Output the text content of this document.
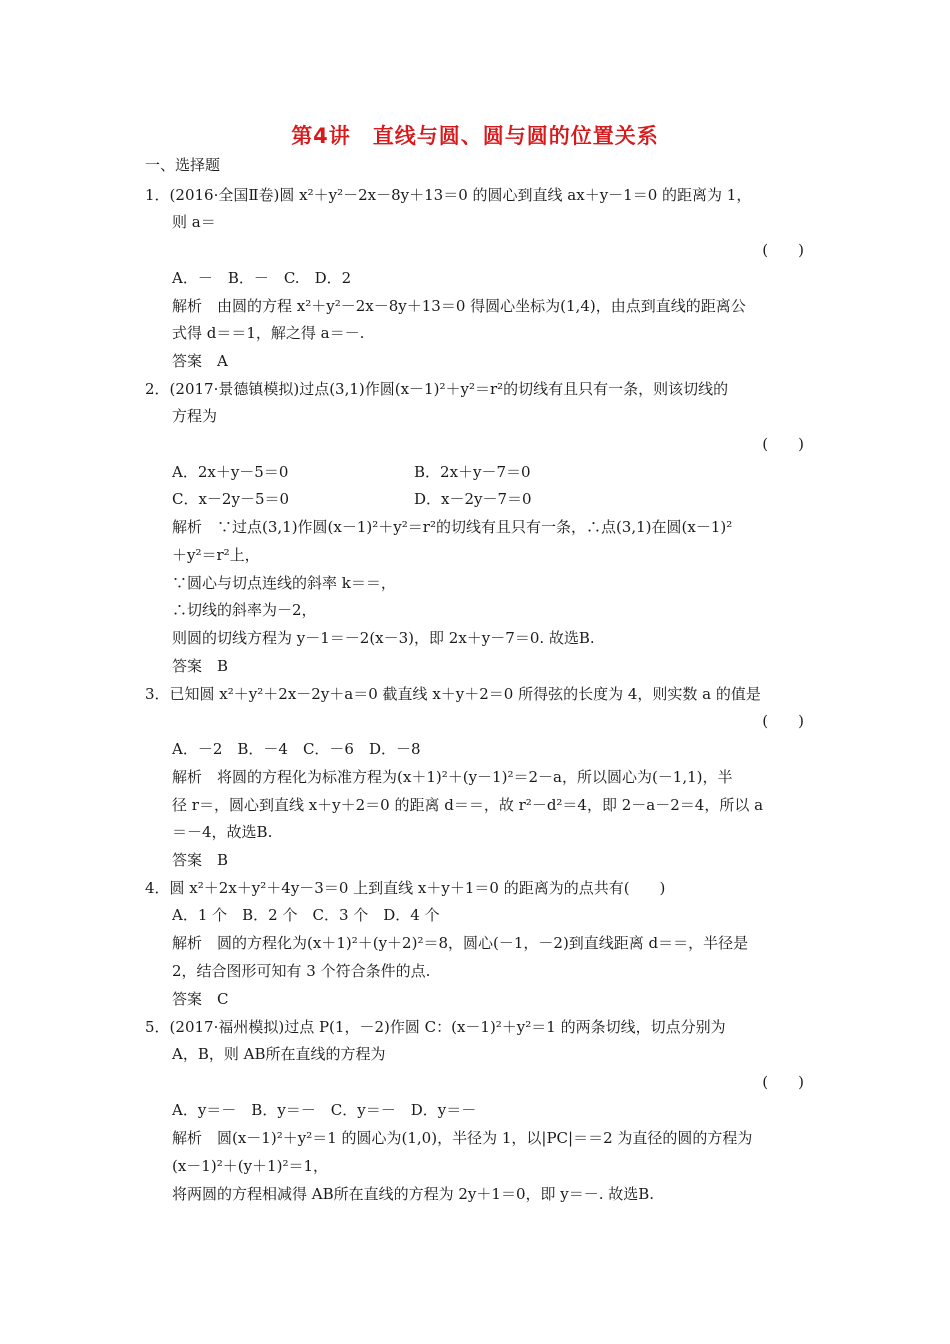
第4讲　直线与圆、圆与圆的位置关系
一、选择题
1．(2016·全国Ⅱ卷)圆 x²＋y²－2x－8y＋13＝0 的圆心到直线 ax＋y－1＝0 的距离为 1，
则 a＝
(　　)
A．－　B．－　C.　D．2
解析　由圆的方程 x²＋y²－2x－8y＋13＝0 得圆心坐标为(1,4)，由点到直线的距离公
式得 d＝＝1，解之得 a＝－.
答案　A
2．(2017·景德镇模拟)过点(3,1)作圆(x－1)²＋y²＝r²的切线有且只有一条，则该切线的
方程为
(　　)
A．2x＋y－5＝0	B．2x＋y－7＝0
C．x－2y－5＝0	D．x－2y－7＝0
解析　∵过点(3,1)作圆(x－1)²＋y²＝r²的切线有且只有一条，∴点(3,1)在圆(x－1)²
＋y²＝r²上，
∵圆心与切点连线的斜率 k＝＝，
∴切线的斜率为－2，
则圆的切线方程为 y－1＝－2(x－3)，即 2x＋y－7＝0. 故选B.
答案　B
3．已知圆 x²＋y²＋2x－2y＋a＝0 截直线 x＋y＋2＝0 所得弦的长度为 4，则实数 a 的值是
(　　)
A．－2　B．－4　C．－6　D．－8
解析　将圆的方程化为标准方程为(x＋1)²＋(y－1)²＝2－a，所以圆心为(－1,1)，半
径 r＝，圆心到直线 x＋y＋2＝0 的距离 d＝＝，故 r²－d²＝4，即 2－a－2＝4，所以 a
＝－4，故选B.
答案　B
4．圆 x²＋2x＋y²＋4y－3＝0 上到直线 x＋y＋1＝0 的距离为的点共有(　　)
A．1 个　B．2 个　C．3 个　D．4 个
解析　圆的方程化为(x＋1)²＋(y＋2)²＝8，圆心(－1，－2)到直线距离 d＝＝，半径是
2，结合图形可知有 3 个符合条件的点.
答案　C
5．(2017·福州模拟)过点 P(1，－2)作圆 C：(x－1)²＋y²＝1 的两条切线，切点分别为
A，B，则 AB所在直线的方程为
(　　)
A．y＝－　B．y＝－　C．y＝－　D．y＝－
解析　圆(x－1)²＋y²＝1 的圆心为(1,0)，半径为 1，以|PC|＝＝2 为直径的圆的方程为
(x－1)²＋(y＋1)²＝1，
将两圆的方程相减得 AB所在直线的方程为 2y＋1＝0，即 y＝－. 故选B.
